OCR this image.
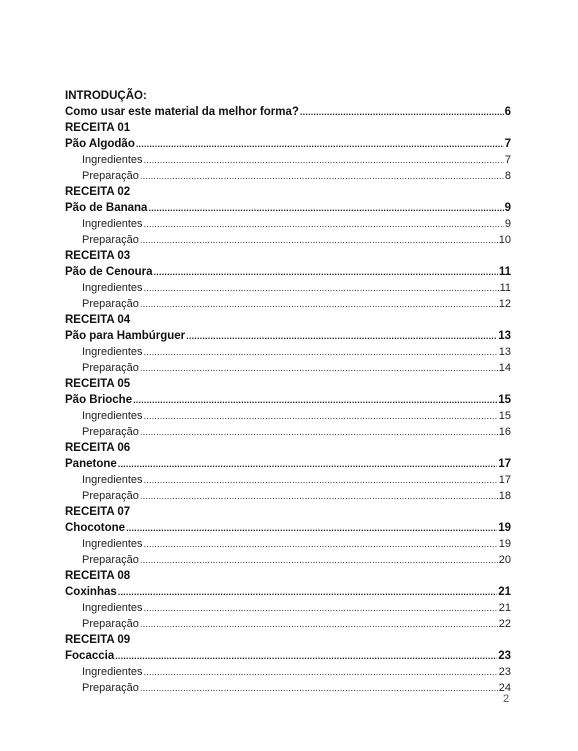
INTRODUÇÃO:
Como usar este material da melhor forma? .....	6
RECEITA 01
Pão Algodão .....	7
Ingredientes .....	7
Preparação .....	8
RECEITA 02
Pão de Banana .....	9
Ingredientes .....	9
Preparação .....	10
RECEITA 03
Pão de Cenoura .....	11
Ingredientes .....	11
Preparação .....	12
RECEITA 04
Pão para Hambúrguer .....	13
Ingredientes .....	13
Preparação .....	14
RECEITA 05
Pão Brioche .....	15
Ingredientes .....	15
Preparação .....	16
RECEITA 06
Panetone .....	17
Ingredientes .....	17
Preparação .....	18
RECEITA 07
Chocotone .....	19
Ingredientes .....	19
Preparação .....	20
RECEITA 08
Coxinhas .....	21
Ingredientes .....	21
Preparação .....	22
RECEITA 09
Focaccia .....	23
Ingredientes .....	23
Preparação .....	24
2
